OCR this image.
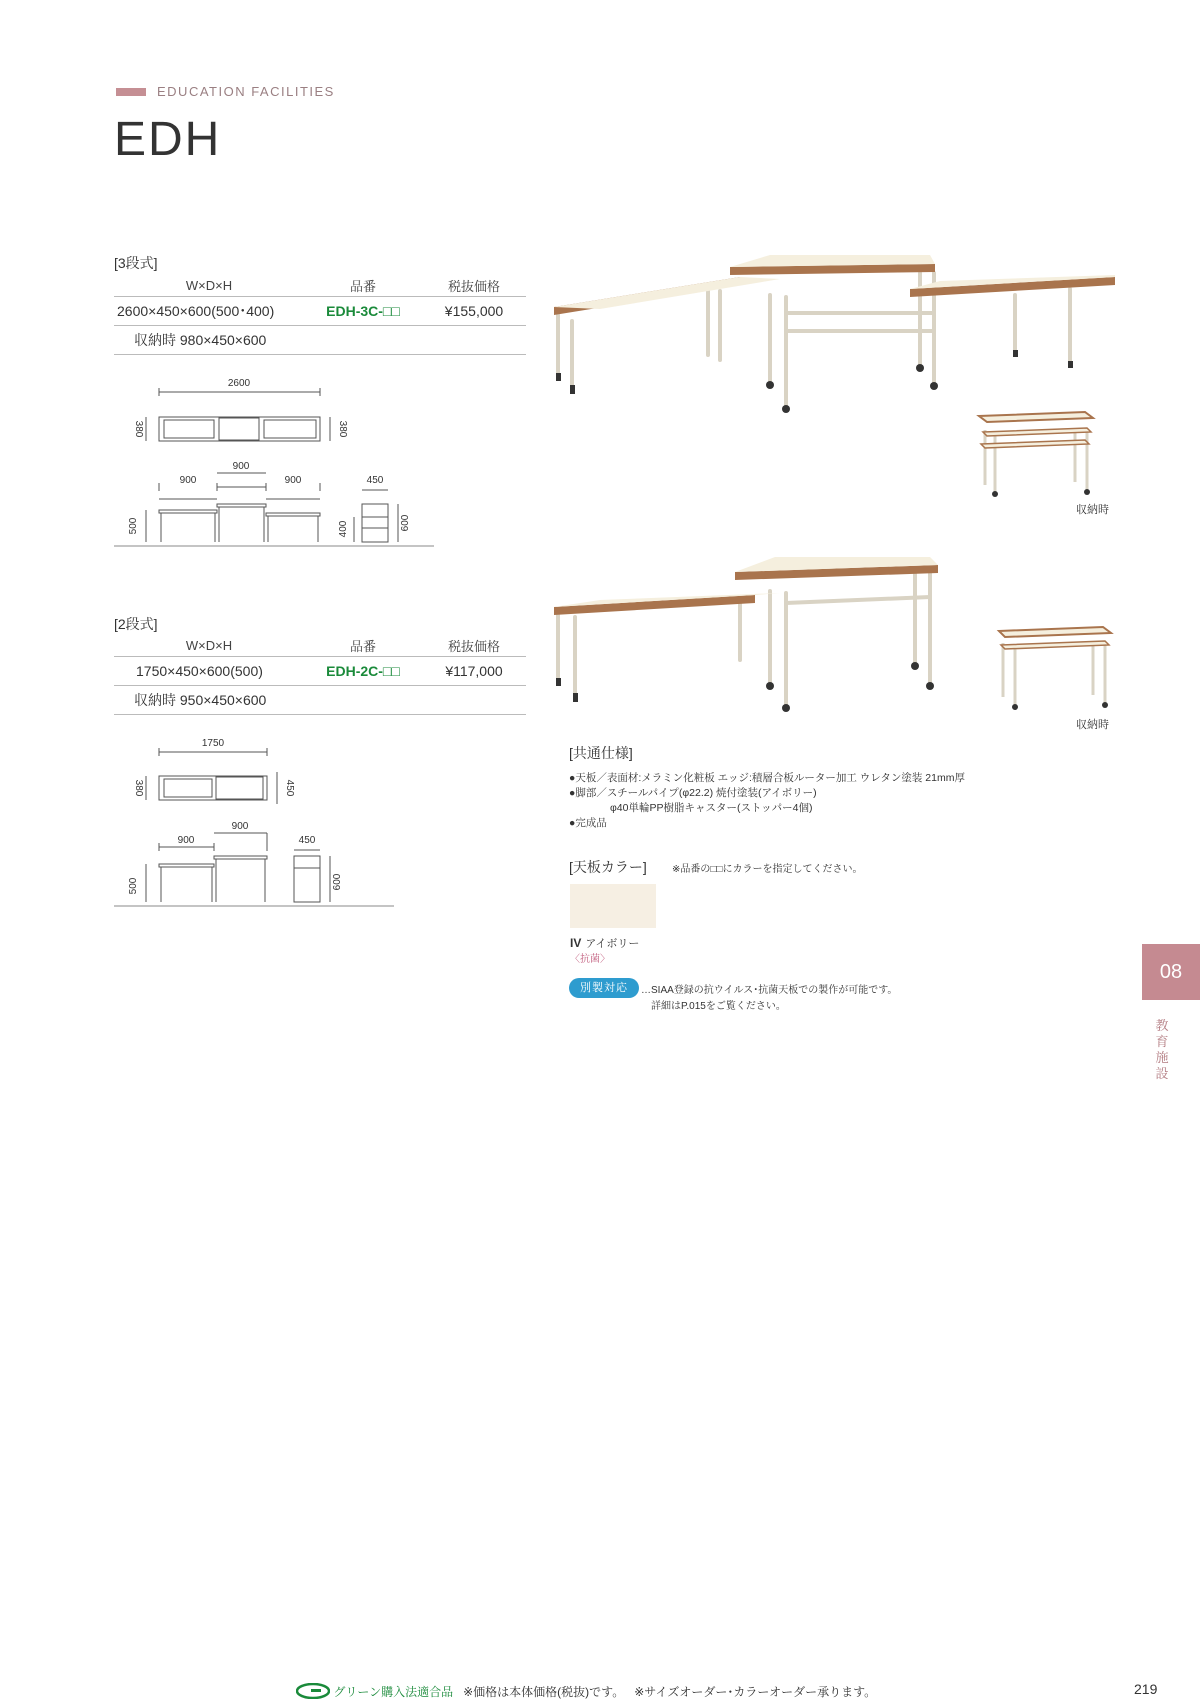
EDUCATION FACILITIES
EDH
[3段式]
W×D×H	品番	税抜価格
2600×450×600(500･400)	EDH-3C-□□	¥155,000
収納時 980×450×600		
2600
380	380
900
900
900	450
500	400	600
[2段式]
W×D×H	品番	税抜価格
1750×450×600(500)	EDH-2C-□□	¥117,000
収納時 950×450×600		
1750
380	450
900
900
450
500	600
収納時
収納時
[共通仕様]
●天板／表面材:メラミン化粧板 エッジ:積層合板ルーター加工 ウレタン塗装 21mm厚
●脚部／スチールパイプ(φ22.2) 焼付塗装(アイボリー)
φ40単輪PP樹脂キャスター(ストッパー4個)
●完成品
[天板カラー]	※品番の□□にカラーを指定してください。
IV アイボリー
〈抗菌〉
別製対応	…SIAA登録の抗ウイルス･抗菌天板での製作が可能です。
詳細はP.015をご覧ください。
08
教育施設
グリーン購入法適合品 ※価格は本体価格(税抜)です。 ※サイズオーダー･カラーオーダー承ります。	219
